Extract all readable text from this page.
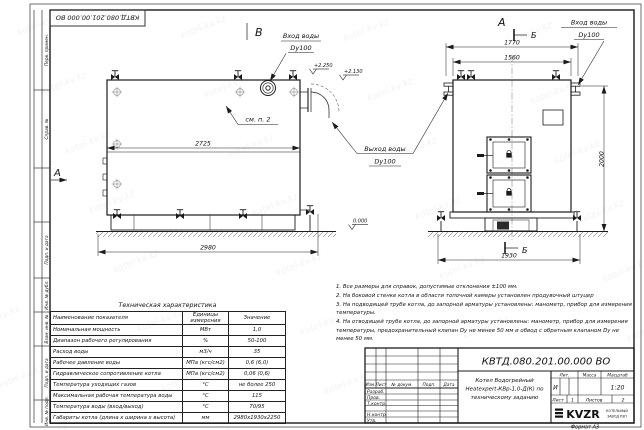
Перв. примен.
Справ. №
Подп. и дата
Инв. № дубл.
Взам. инв. №
Подп. и дата
Инв. № подл.
КВТД.080.201.00.000 ВО
В
А
Вход воды
Dy100
Выход воды
Dy100
см. п. 2
2725
2980
+2.250
+2.130
0.000
А
Б
Б
Вход воды
Dy100
1770
1560
2000
1930
КВТД.080.201.00.000 ВО
Котел Водогрейный
Heatexpert-КВр-1,0-Д(К) по
техническому заданию
Изм. Лист № докум. Подп. Дата
Разраб.
Пров.
Т.контр.
Н.контр.
Утв.
Лит.	Масса	Масштаб
И	1:20
Лист 1	Листов	2
KVZR КОТЕЛЬНЫЙ
ЗАВОД РЭП
Формат А3
Техническая характеристика
Наименование показателя	Единицы измерения	Значение
Номинальная мощность	МВт	1,0
Диапазон рабочего регулирования	%	50-100
Расход воды	м3/ч	35
Рабочее давление воды	МПа (кгс/см2)	0,6 (6,0)
Гидравлическое сопротивление котла	МПа (кгс/см2)	0,06 (0,6)
Температура уходящих газов	°С	не более 250
Максимальная рабочая температура воды	°С	115
Температура воды (вход/выход)	°С	70/95
Габариты котла (длина х ширина х высота)	мм	2980х1930х2250
1. Все размеры для справок, допустимые отклонения ±100 мм.
2. На боковой стенке котла в области топочной камеры установлен продувочный штуцер
3. На подводящей трубе котла, до запорной арматуры установлены: манометр, прибор для измерения температуры.
4. На отводящей трубе котла, до запорной арматуры установлены: манометр, прибор для измерения температуры, предохранительный клапан Dу не менее 50 мм и обвод с обратным клапаном Dу не менее 50 мм.
